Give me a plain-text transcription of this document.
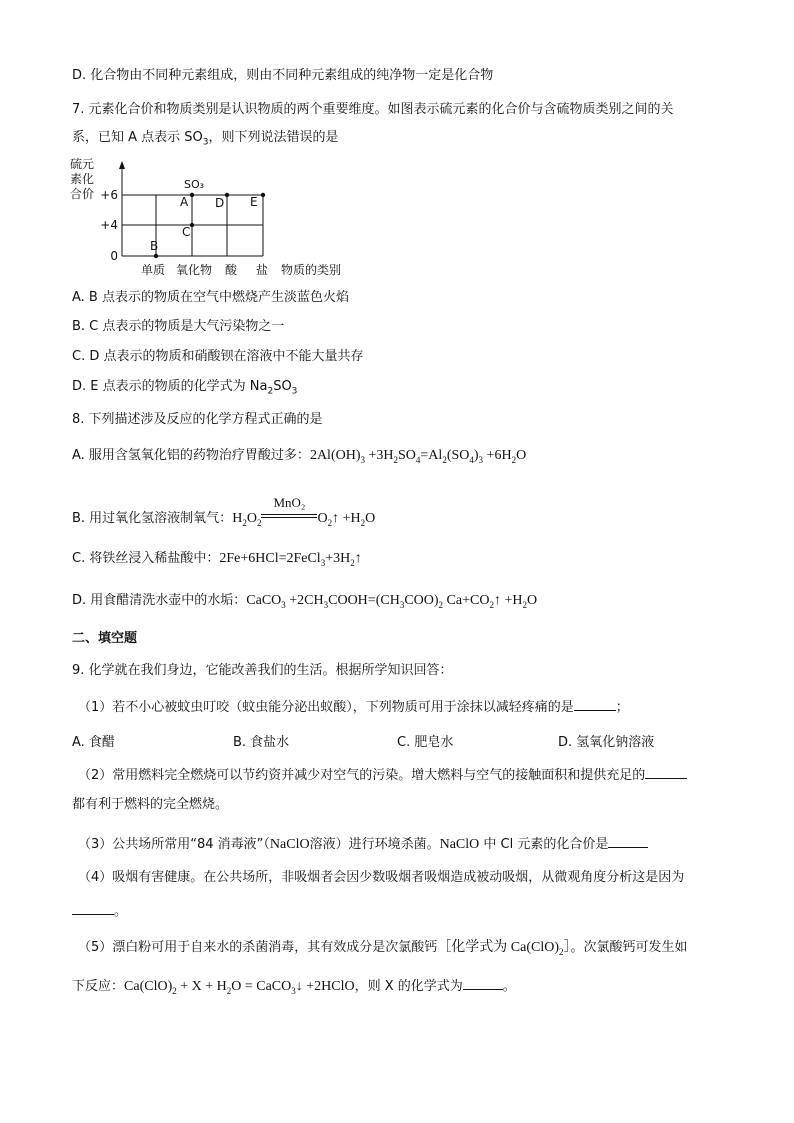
D. 化合物由不同种元素组成，则由不同种元素组成的纯净物一定是化合物
7. 元素化合价和物质类别是认识物质的两个重要维度。如图表示硫元素的化合价与含硫物质类别之间的关
系，已知 A 点表示 $SO_3$，则下列说法错误的是
硫元
素化
合价 +6
+4
0
单质 氧化物 酸 盐 物质的类别
SO₃
B
C
A D E
A. B 点表示的物质在空气中燃烧产生淡蓝色火焰
B. C 点表示的物质是大气污染物之一
C. D 点表示的物质和硝酸钡在溶液中不能大量共存
D. E 点表示的物质的化学式为 $Na_2SO_3$
8. 下列描述涉及反应的化学方程式正确的是
A. 服用含氢氧化铝的药物治疗胃酸过多：$2Al(OH)_3 +3H_2SO_4=Al_2(SO_4)_3 +6H_2O$
B. 用过氧化氢溶液制氧气：$H_2O_2$
MnO₂
$O_2↑ +H_2O$
C. 将铁丝浸入稀盐酸中：$2Fe+6HCl=2FeCl_3+3H_2↑$
D. 用食醋清洗水壶中的水垢：CaCO$_3$ $+2CH_3COOH=(CH_3COO)_2$ $Ca+CO_2↑ +H_2O$
二、填空题
9. 化学就在我们身边，它能改善我们的生活。根据所学知识回答：
（1）若不小心被蚊虫叮咬（蚊虫能分泌出蚁酸），下列物质可用于涂抹以减轻疼痛的是	；
A. 食醋	B. 食盐水	C. 肥皂水	D. 氢氧化钠溶液
（2）常用燃料完全燃烧可以节约资并减少对空气的污染。增大燃料与空气的接触面积和提供充足的
都有利于燃料的完全燃烧。
（3）公共场所常用“84 消毒液”（NaClO溶液）进行环境杀菌。NaClO 中 Cl 元素的化合价是
（4）吸烟有害健康。在公共场所，非吸烟者会因少数吸烟者吸烟造成被动吸烟，从微观角度分析这是因为
。
（5）漂白粉可用于自来水的杀菌消毒，其有效成分是次氯酸钙［化学式为 $Ca(ClO)_2]$。次氯酸钙可发生如
下反应：$Ca(ClO)_2 + X + H_2O$ = CaCO$_3$↓ +2HClO，则 X 的化学式为	。
